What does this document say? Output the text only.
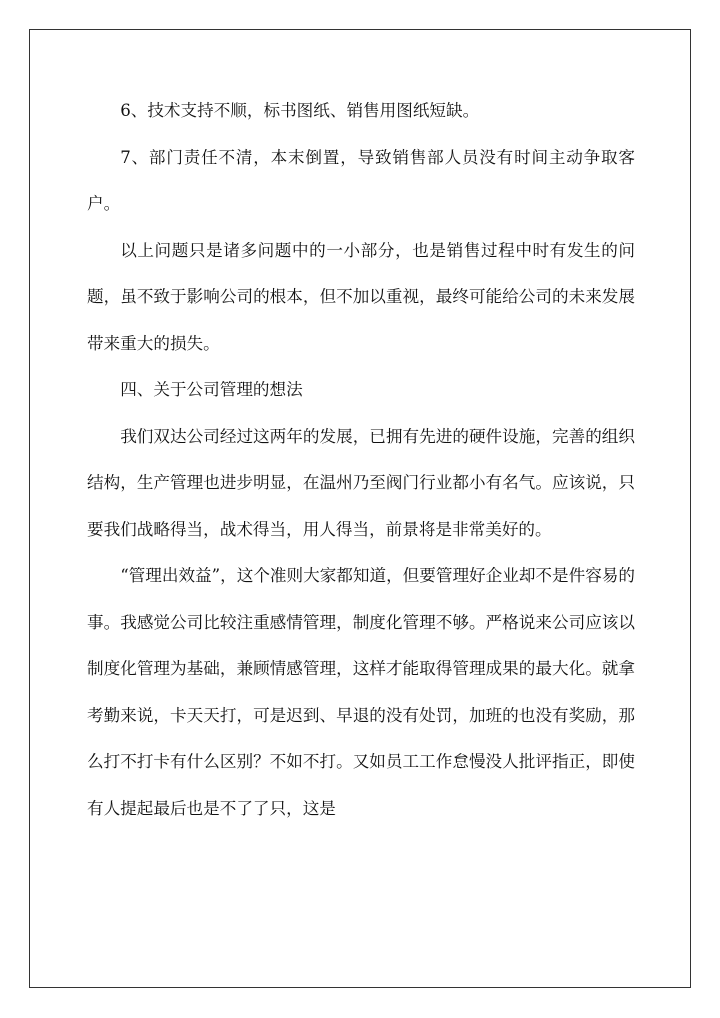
6、技术支持不顺，标书图纸、销售用图纸短缺。

7、部门责任不清，本末倒置，导致销售部人员没有时间主动争取客户。

以上问题只是诸多问题中的一小部分，也是销售过程中时有发生的问题，虽不致于影响公司的根本，但不加以重视，最终可能给公司的未来发展带来重大的损失。

四、关于公司管理的想法

我们双达公司经过这两年的发展，已拥有先进的硬件设施，完善的组织结构，生产管理也进步明显，在温州乃至阀门行业都小有名气。应该说，只要我们战略得当，战术得当，用人得当，前景将是非常美好的。

“管理出效益”，这个准则大家都知道，但要管理好企业却不是件容易的事。我感觉公司比较注重感情管理，制度化管理不够。严格说来公司应该以制度化管理为基础，兼顾情感管理，这样才能取得管理成果的最大化。就拿考勤来说，卡天天打，可是迟到、早退的没有处罚，加班的也没有奖励，那么打不打卡有什么区别？不如不打。又如员工工作怠慢没人批评指正，即使有人提起最后也是不了了只，这是
